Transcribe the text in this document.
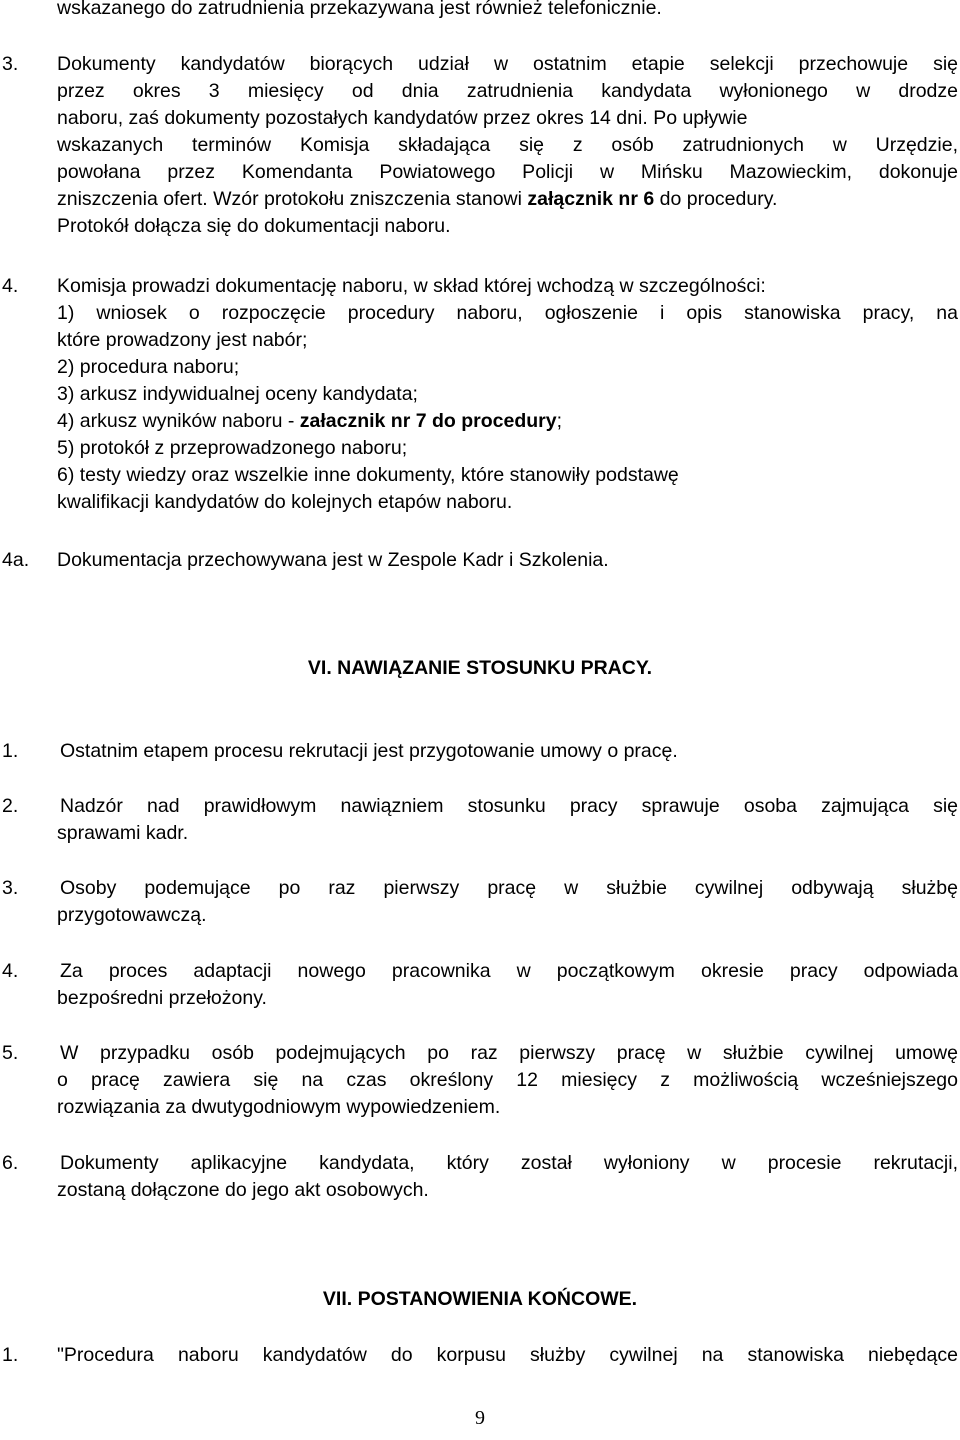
wskazanego do zatrudnienia przekazywana jest również telefonicznie.
3. Dokumenty kandydatów biorących udział w ostatnim etapie selekcji przechowuje się
przez okres 3 miesięcy od dnia zatrudnienia kandydata wyłonionego w drodze
naboru, zaś dokumenty pozostałych kandydatów przez okres 14 dni. Po upływie
wskazanych terminów Komisja składająca się z osób zatrudnionych w Urzędzie,
powołana przez Komendanta Powiatowego Policji w Mińsku Mazowieckim, dokonuje
zniszczenia ofert. Wzór protokołu zniszczenia stanowi załącznik nr 6 do procedury.
Protokół dołącza się do dokumentacji naboru.
4. Komisja prowadzi dokumentację naboru, w skład której wchodzą w szczególności:
1) wniosek o rozpoczęcie procedury naboru, ogłoszenie i opis stanowiska pracy, na
które prowadzony jest nabór;
2) procedura naboru;
3) arkusz indywidualnej oceny kandydata;
4) arkusz wyników naboru - załacznik nr 7 do procedury;
5) protokół z przeprowadzonego naboru;
6) testy wiedzy oraz wszelkie inne dokumenty, które stanowiły podstawę
kwalifikacji kandydatów do kolejnych etapów naboru.
4a. Dokumentacja przechowywana jest w Zespole Kadr i Szkolenia.
VI. NAWIĄZANIE STOSUNKU PRACY.
1. Ostatnim etapem procesu rekrutacji jest przygotowanie umowy o pracę.
2. Nadzór nad prawidłowym nawiąznie​m stosunku pracy sprawuje osoba zajmująca się
sprawami kadr.
3. Osoby podemujące po raz pierwszy pracę w służbie cywilnej odbywają służbę
przygotowawczą.
4. Za proces adaptacji nowego pracownika w początkowym okresie pracy odpowiada
bezpośredni przełożony.
5. W przypadku osób podejmujących po raz pierwszy pracę w służbie cywilnej umowę
o pracę zawiera się na czas określony 12 miesięcy z możliwością wcześniejszego
rozwiązania za dwutygodniowym wypowiedzeniem.
6. Dokumenty aplikacyjne kandydata, który został wyłoniony w procesie rekrutacji,
zostaną dołączone do jego akt osobowych.
VII. POSTANOWIENIA KOŃCOWE.
1. "Procedura naboru kandydatów do korpusu służby cywilnej na stanowiska niebędące
9
